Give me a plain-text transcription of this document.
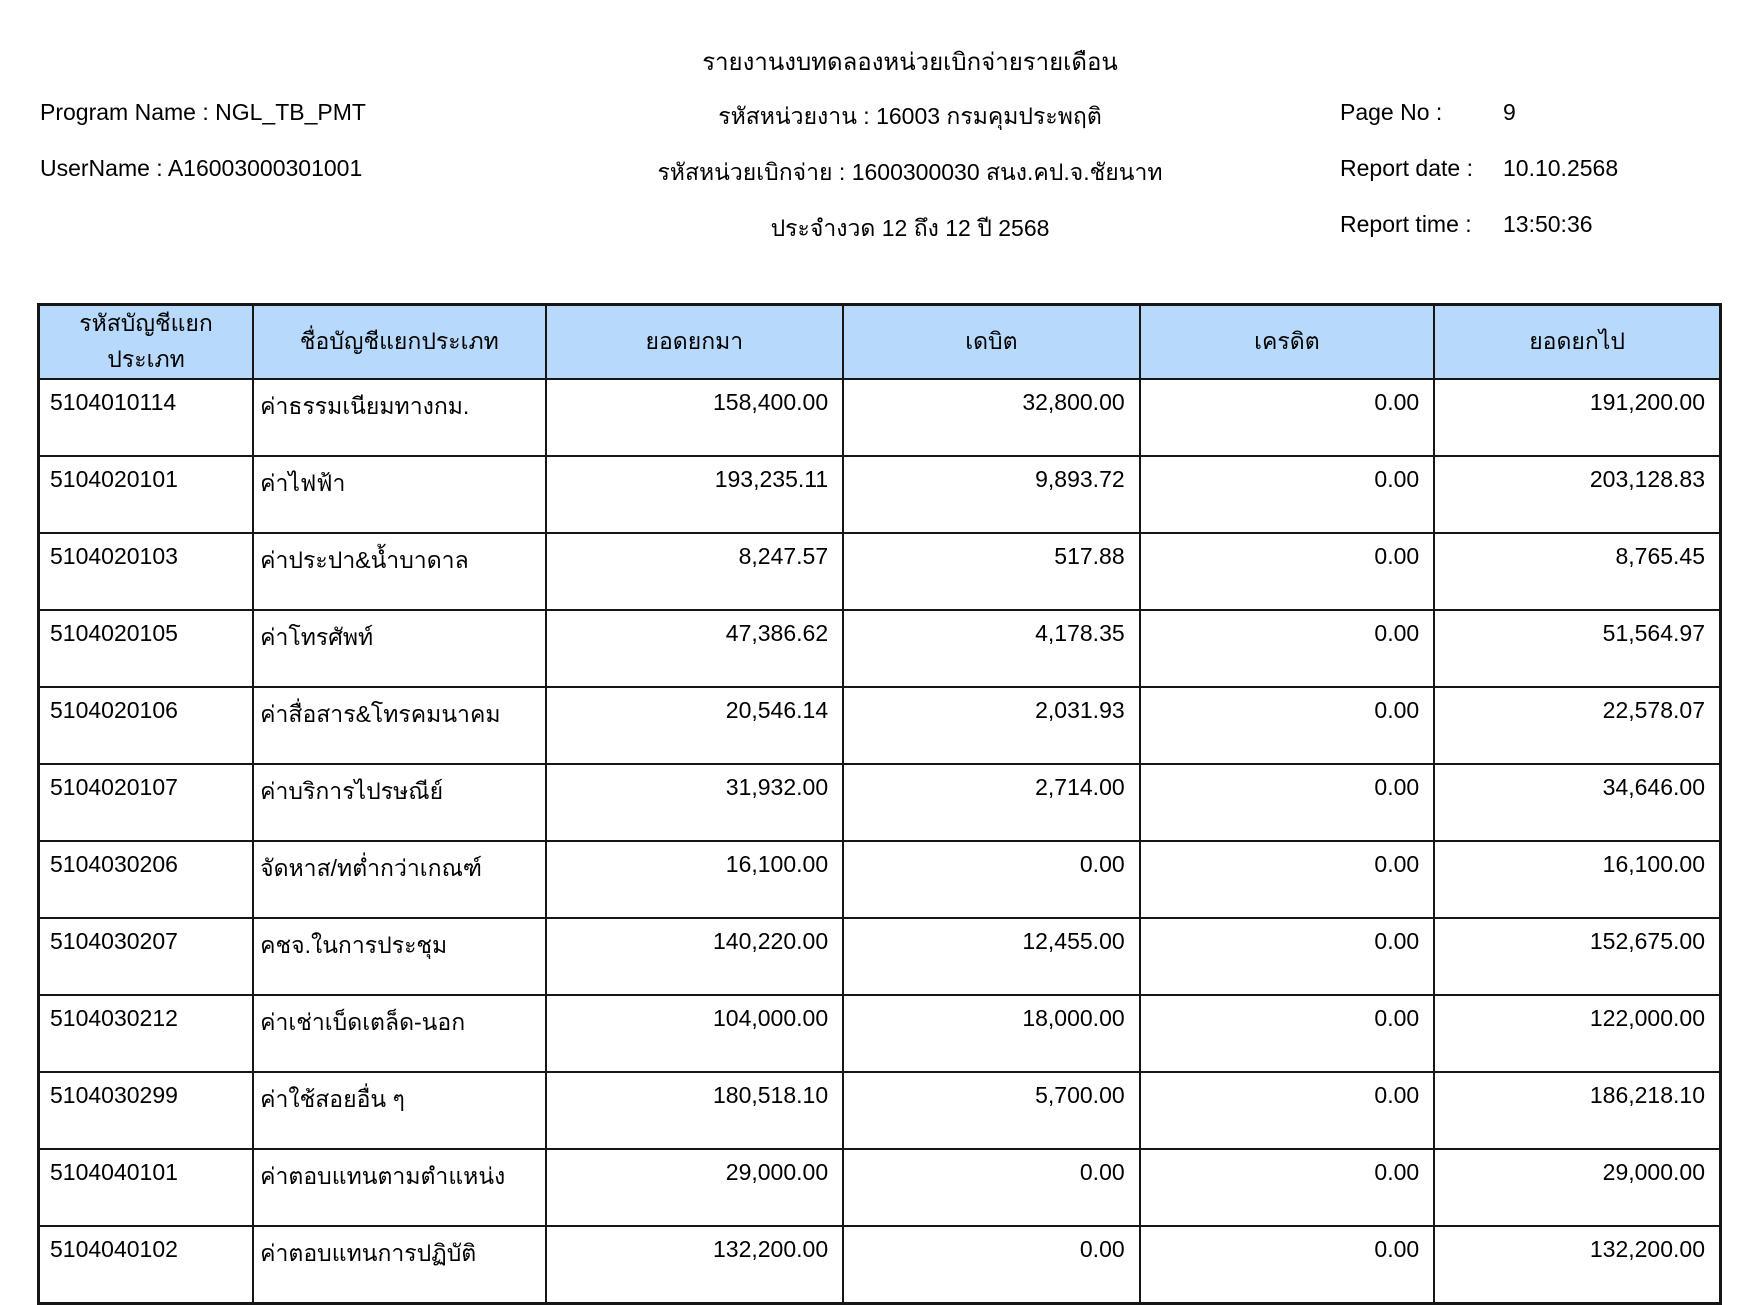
รายงานงบทดลองหน่วยเบิกจ่ายรายเดือน
Program Name : NGL_TB_PMT
UserName : A16003000301001
รหัสหน่วยงาน : 16003 กรมคุมประพฤติ
รหัสหน่วยเบิกจ่าย : 1600300030 สนง.คป.จ.ชัยนาท
ประจำงวด 12 ถึง 12 ปี 2568
Page No :	9
Report date : 10.10.2568
Report time : 13:50:36
รหัสบัญชีแยกประเภท	ชื่อบัญชีแยกประเภท	ยอดยกมา	เดบิต	เครดิต	ยอดยกไป
5104010114	ค่าธรรมเนียมทางกม.	158,400.00	32,800.00	0.00	191,200.00
5104020101	ค่าไฟฟ้า	193,235.11	9,893.72	0.00	203,128.83
5104020103	ค่าประปา&น้ำบาดาล	8,247.57	517.88	0.00	8,765.45
5104020105	ค่าโทรศัพท์	47,386.62	4,178.35	0.00	51,564.97
5104020106	ค่าสื่อสาร&โทรคมนาคม	20,546.14	2,031.93	0.00	22,578.07
5104020107	ค่าบริการไปรษณีย์	31,932.00	2,714.00	0.00	34,646.00
5104030206	จัดหาส/ทต่ำกว่าเกณฑ์	16,100.00	0.00	0.00	16,100.00
5104030207	คชจ.ในการประชุม	140,220.00	12,455.00	0.00	152,675.00
5104030212	ค่าเช่าเบ็ดเตล็ด-นอก	104,000.00	18,000.00	0.00	122,000.00
5104030299	ค่าใช้สอยอื่น ๆ	180,518.10	5,700.00	0.00	186,218.10
5104040101	ค่าตอบแทนตามตำแหน่ง	29,000.00	0.00	0.00	29,000.00
5104040102	ค่าตอบแทนการปฏิบัติ	132,200.00	0.00	0.00	132,200.00
